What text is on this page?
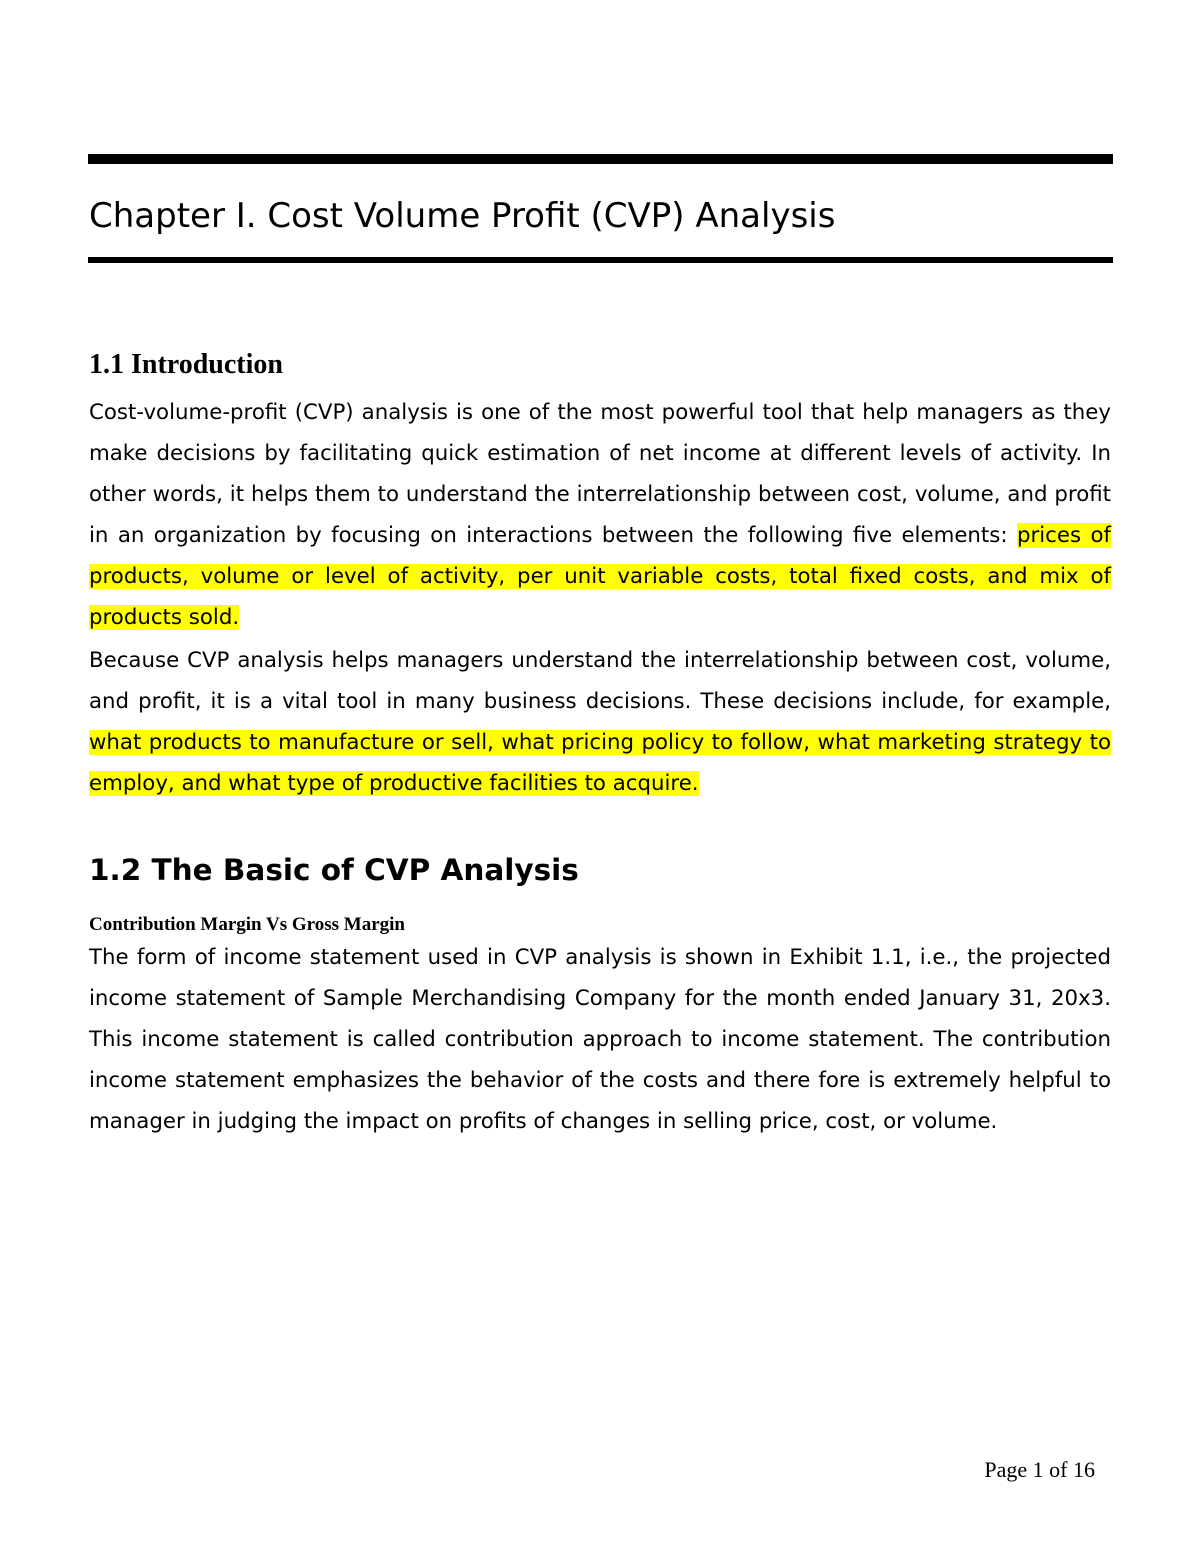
Chapter I. Cost Volume Profit (CVP) Analysis
1.1 Introduction

Cost-volume-profit (CVP) analysis is one of the most powerful tool that help managers as they make decisions by facilitating quick estimation of net income at different levels of activity. In other words, it helps them to understand the interrelationship between cost, volume, and profit in an organization by focusing on interactions between the following five elements: prices of products, volume or level of activity, per unit variable costs, total fixed costs, and mix of products sold.

Because CVP analysis helps managers understand the interrelationship between cost, volume, and profit, it is a vital tool in many business decisions. These decisions include, for example, what products to manufacture or sell, what pricing policy to follow, what marketing strategy to employ, and what type of productive facilities to acquire.

1.2 The Basic of CVP Analysis
Contribution Margin Vs Gross Margin

The form of income statement used in CVP analysis is shown in Exhibit 1.1, i.e., the projected income statement of Sample Merchandising Company for the month ended January 31, 20x3. This income statement is called contribution approach to income statement. The contribution income statement emphasizes the behavior of the costs and there fore is extremely helpful to manager in judging the impact on profits of changes in selling price, cost, or volume.

Page 1 of 16
